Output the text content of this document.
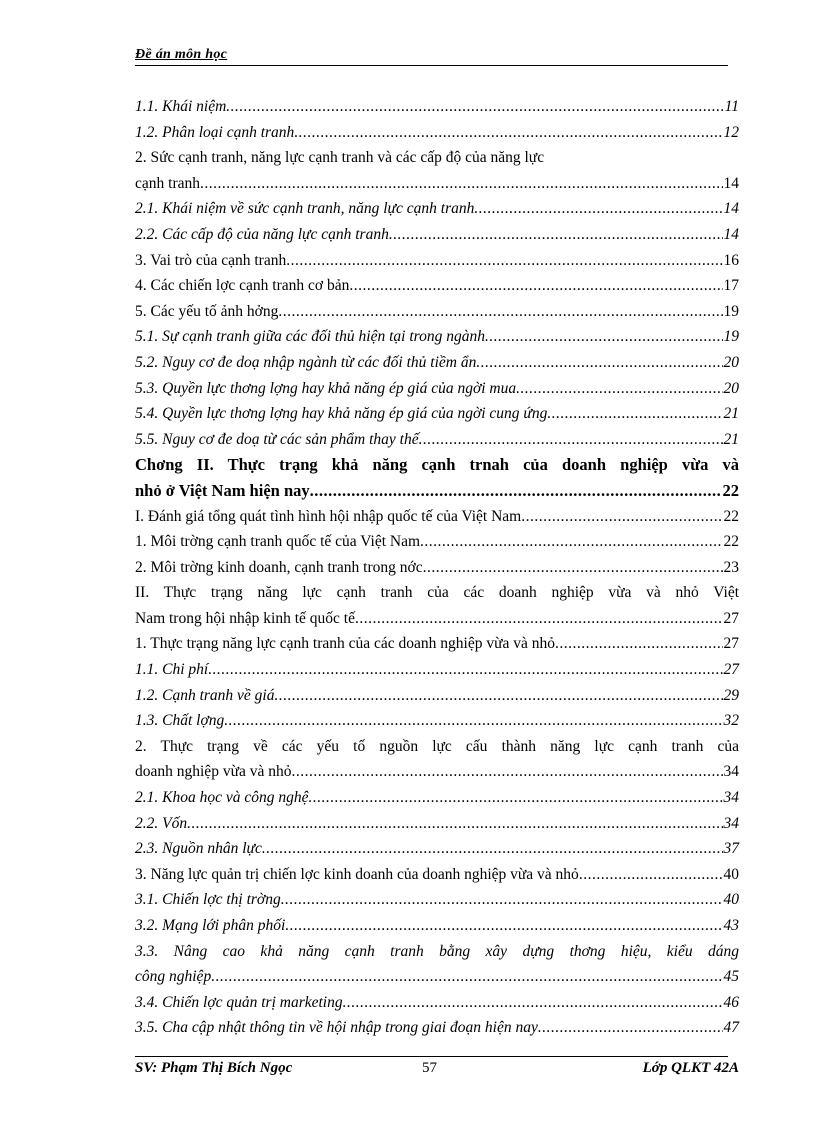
Đề án môn học
1.1. Khái niệm .....	11
1.2. Phân loại cạnh tranh .....	12
2. Sức cạnh tranh, năng lực cạnh tranh và các cấp độ của năng lực
cạnh tranh .....	14
2.1. Khái niệm về sức cạnh tranh, năng lực cạnh tranh .....	14
2.2. Các cấp độ của năng lực cạnh tranh .....	14
3. Vai trò của cạnh tranh .....	16
4. Các chiến lợc cạnh tranh cơ bản .....	17
5. Các yếu tố ảnh hởng .....	19
5.1. Sự cạnh tranh giữa các đối thủ hiện tại trong ngành .....	19
5.2. Nguy cơ đe doạ nhập ngành từ các đối thủ tiềm ẩn .....	20
5.3. Quyền lực thơng lợng hay khả năng ép giá của ngời mua .....	20
5.4. Quyền lực thơng lợng hay khả năng ép giá của ngời cung ứng .....	21
5.5. Nguy cơ đe doạ từ các sản phẩm thay thế .....	21
Chơng II. Thực trạng khả năng cạnh trnah của doanh nghiệp vừa và
nhỏ ở Việt Nam hiện nay .....	22
I. Đánh giá tổng quát tình hình hội nhập quốc tế của Việt Nam .....	22
1. Môi trờng cạnh tranh quốc tế của Việt Nam .....	22
2. Môi trờng kinh doanh, cạnh tranh trong nớc .....	23
II. Thực trạng năng lực cạnh tranh của các doanh nghiệp vừa và nhỏ Việt
Nam trong hội nhập kinh tế quốc tế .....	27
1. Thực trạng năng lực cạnh tranh của các doanh nghiệp vừa và nhỏ .....	27
1.1. Chi phí .....	27
1.2. Cạnh tranh về giá .....	29
1.3. Chất lợng .....	32
2. Thực trạng về các yếu tố nguồn lực cấu thành năng lực cạnh tranh của
doanh nghiệp vừa và nhỏ .....	34
2.1. Khoa học và công nghệ .....	34
2.2. Vốn .....	34
2.3. Nguồn nhân lực .....	37
3. Năng lực quản trị chiến lợc kinh doanh của doanh nghiệp vừa và nhỏ .....	40
3.1. Chiến lợc thị trờng .....	40
3.2. Mạng lới phân phối .....	43
3.3. Nâng cao khả năng cạnh tranh bằng xây dựng thơng hiệu, kiểu dáng
công nghiệp .....	45
3.4. Chiến lợc quản trị marketing .....	46
3.5. Cha cập nhật thông tin về hội nhập trong giai đoạn hiện nay .....	47
SV: Phạm Thị Bích Ngọc	57	Lớp QLKT 42A
